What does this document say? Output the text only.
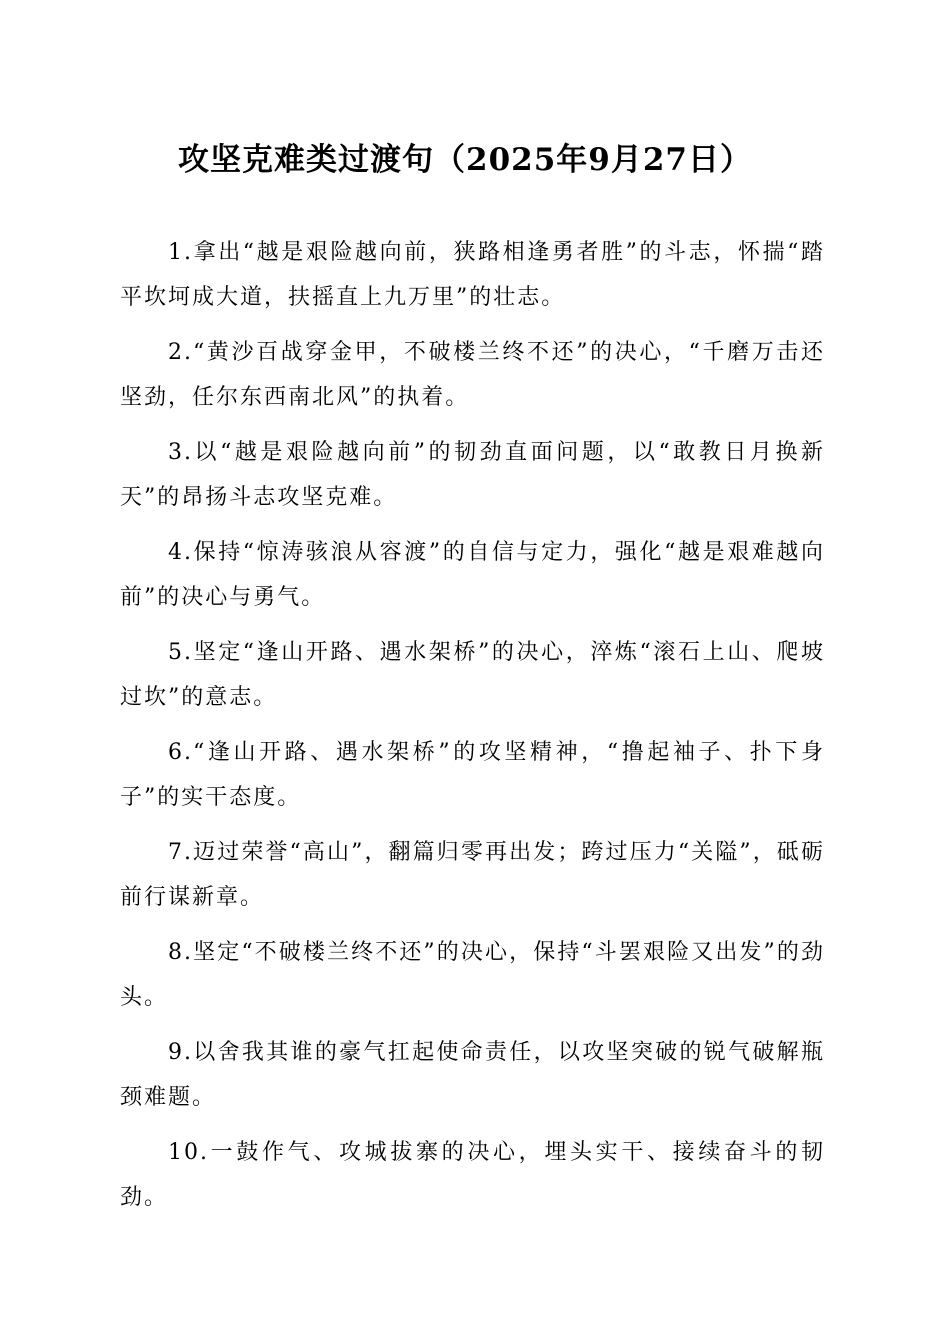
攻坚克难类过渡句（2025年9月27日）

1.拿出“越是艰险越向前，狭路相逢勇者胜”的斗志，怀揣“踏平坎坷成大道，扶摇直上九万里”的壮志。

2.“黄沙百战穿金甲，不破楼兰终不还”的决心，“千磨万击还坚劲，任尔东西南北风”的执着。

3.以“越是艰险越向前”的韧劲直面问题，以“敢教日月换新天”的昂扬斗志攻坚克难。

4.保持“惊涛骇浪从容渡”的自信与定力，强化“越是艰难越向前”的决心与勇气。

5.坚定“逢山开路、遇水架桥”的决心，淬炼“滚石上山、爬坡过坎”的意志。

6.“逢山开路、遇水架桥”的攻坚精神，“撸起袖子、扑下身子”的实干态度。

7.迈过荣誉“高山”，翻篇归零再出发；跨过压力“关隘”，砥砺前行谋新章。

8.坚定“不破楼兰终不还”的决心，保持“斗罢艰险又出发”的劲头。

9.以舍我其谁的豪气扛起使命责任，以攻坚突破的锐气破解瓶颈难题。

10.一鼓作气、攻城拔寨的决心，埋头实干、接续奋斗的韧劲。
